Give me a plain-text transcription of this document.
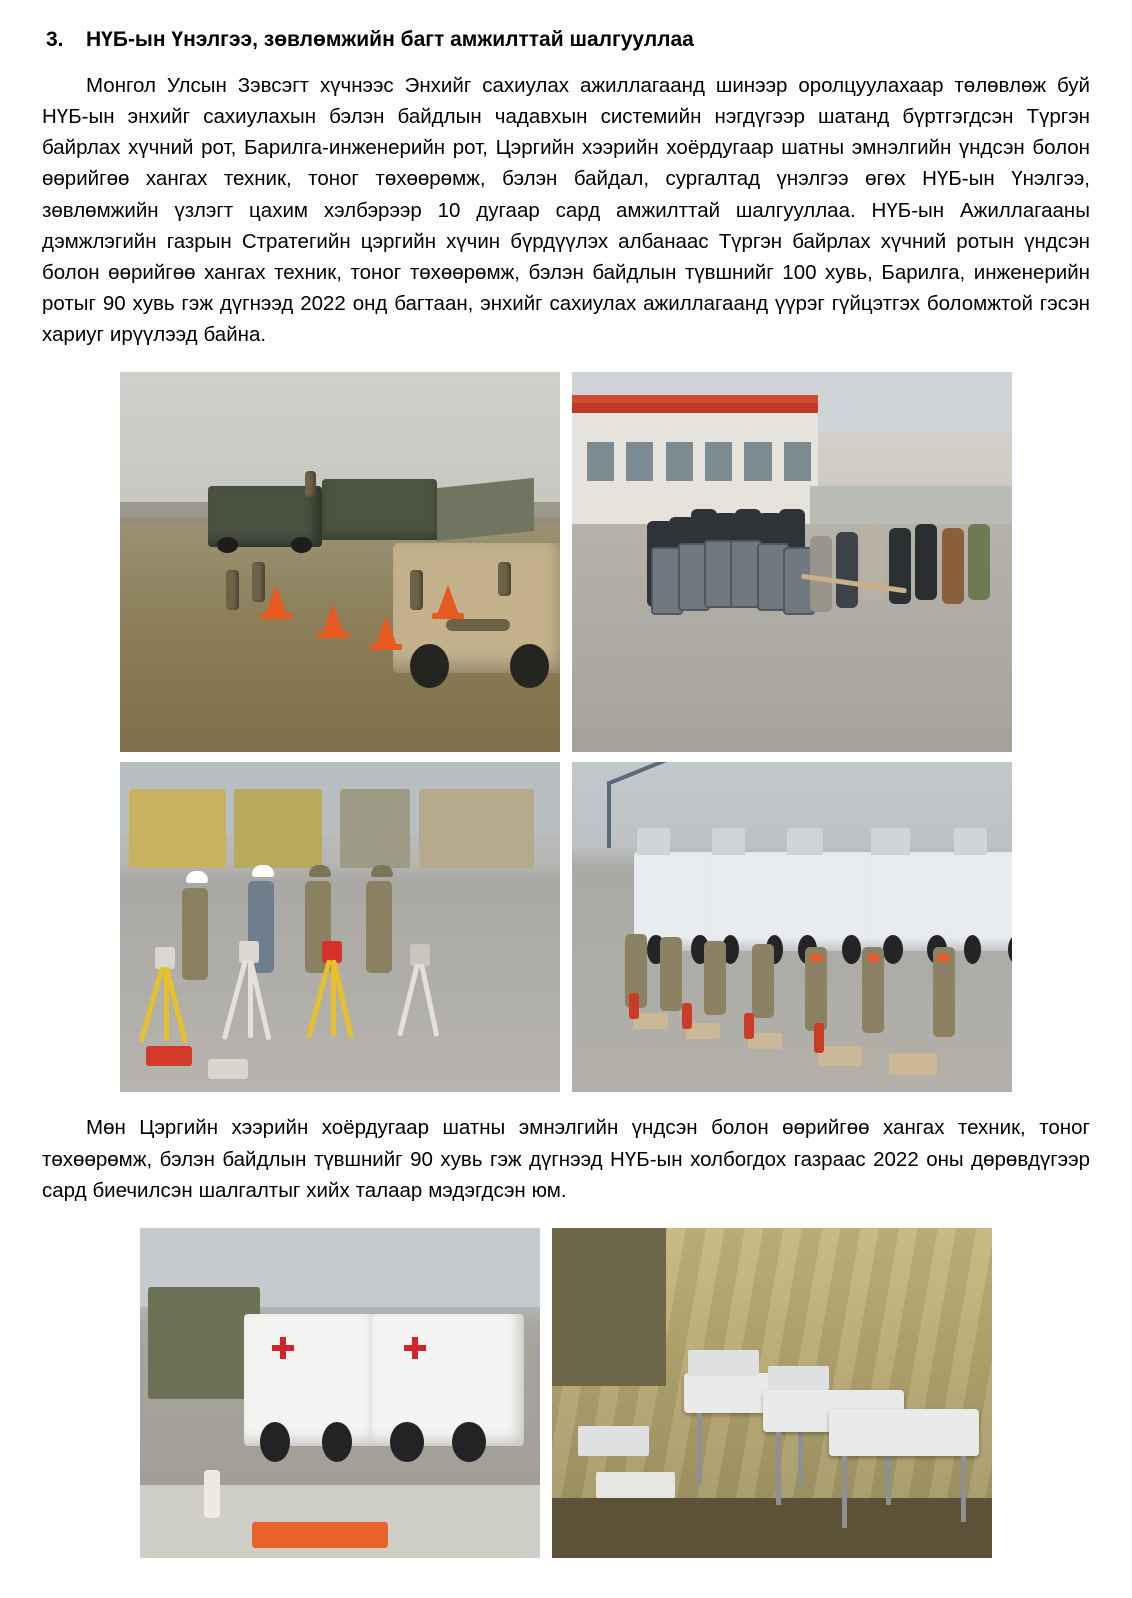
3.	НҮБ-ын Үнэлгээ, зөвлөмжийн багт амжилттай шалгууллаа

Монгол Улсын Зэвсэгт хүчнээс Энхийг сахиулах ажиллагаанд шинээр оролцуулахаар төлөвлөж буй НҮБ-ын энхийг сахиулахын бэлэн байдлын чадавхын системийн нэгдүгээр шатанд бүртгэгдсэн Түргэн байрлах хүчний рот, Барилга-инженерийн рот, Цэргийн хээрийн хоёрдугаар шатны эмнэлгийн үндсэн болон өөрийгөө хангах техник, тоног төхөөрөмж, бэлэн байдал, сургалтад үнэлгээ өгөх НҮБ-ын Үнэлгээ, зөвлөмжийн үзлэгт цахим хэлбэрээр 10 дугаар сард амжилттай шалгууллаа. НҮБ-ын Ажиллагааны дэмжлэгийн газрын Стратегийн цэргийн хүчин бүрдүүлэх албанаас Түргэн байрлах хүчний ротын үндсэн болон өөрийгөө хангах техник, тоног төхөөрөмж, бэлэн байдлын түвшнийг 100 хувь, Барилга, инженерийн ротыг 90 хувь гэж дүгнээд 2022 онд багтаан, энхийг сахиулах ажиллагаанд үүрэг гүйцэтгэх боломжтой гэсэн хариуг ирүүлээд байна.

Мөн Цэргийн хээрийн хоёрдугаар шатны эмнэлгийн үндсэн болон өөрийгөө хангах техник, тоног төхөөрөмж, бэлэн байдлын түвшнийг 90 хувь гэж дүгнээд НҮБ-ын холбогдох газраас 2022 оны дөрөвдүгээр сард биечилсэн шалгалтыг хийх талаар мэдэгдсэн юм.
